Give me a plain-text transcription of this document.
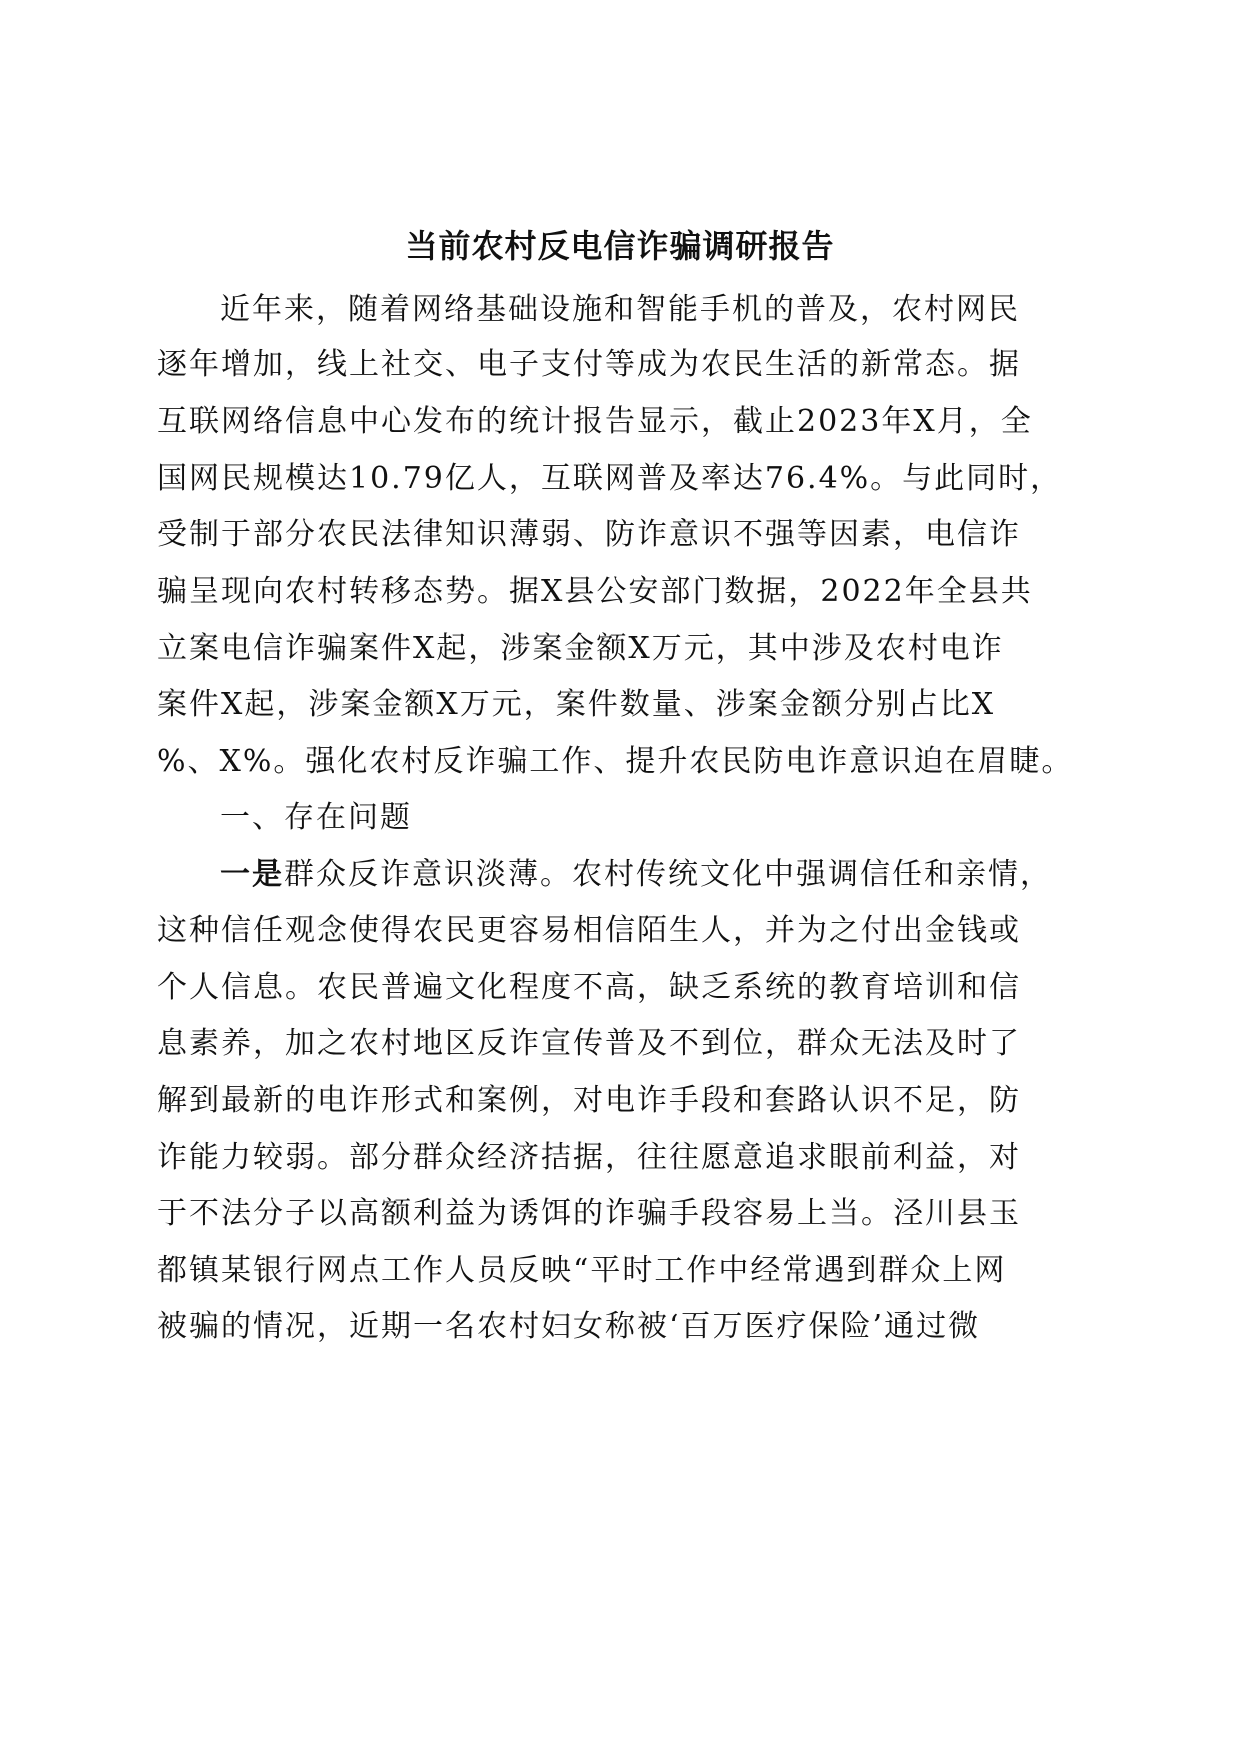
当前农村反电信诈骗调研报告
近年来，随着网络基础设施和智能手机的普及，农村网民
逐年增加，线上社交、电子支付等成为农民生活的新常态。据
互联网络信息中心发布的统计报告显示，截止2023年X月，全
国网民规模达10.79亿人，互联网普及率达76.4%。与此同时，
受制于部分农民法律知识薄弱、防诈意识不强等因素，电信诈
骗呈现向农村转移态势。据X县公安部门数据，2022年全县共
立案电信诈骗案件X起，涉案金额X万元，其中涉及农村电诈
案件X起，涉案金额X万元，案件数量、涉案金额分别占比X
%、X%。强化农村反诈骗工作、提升农民防电诈意识迫在眉睫。
一、存在问题
一是群众反诈意识淡薄。农村传统文化中强调信任和亲情，
这种信任观念使得农民更容易相信陌生人，并为之付出金钱或
个人信息。农民普遍文化程度不高，缺乏系统的教育培训和信
息素养，加之农村地区反诈宣传普及不到位，群众无法及时了
解到最新的电诈形式和案例，对电诈手段和套路认识不足，防
诈能力较弱。部分群众经济拮据，往往愿意追求眼前利益，对
于不法分子以高额利益为诱饵的诈骗手段容易上当。泾川县玉
都镇某银行网点工作人员反映“平时工作中经常遇到群众上网
被骗的情况，近期一名农村妇女称被‘百万医疗保险’通过微
